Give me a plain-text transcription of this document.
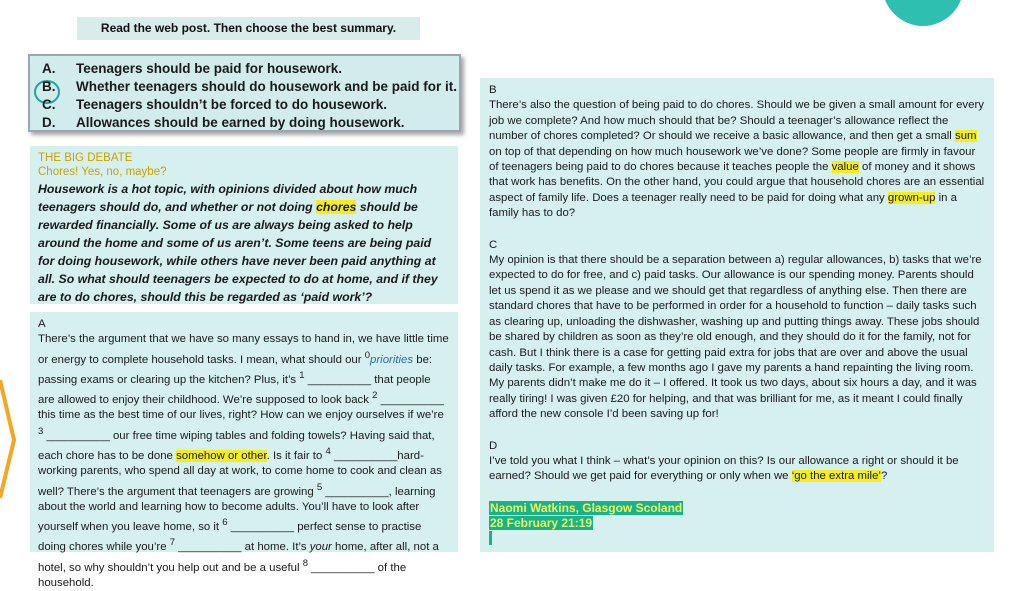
Read the web post. Then choose the best summary.
A. Teenagers should be paid for housework.
B. Whether teenagers should do housework and be paid for it.
C. Teenagers shouldn’t be forced to do housework.
D. Allowances should be earned by doing housework.
THE BIG DEBATE
Chores! Yes, no, maybe?
Housework is a hot topic, with opinions divided about how much teenagers should do, and whether or not doing chores should be rewarded financially. Some of us are always being asked to help around the home and some of us aren’t. Some teens are being paid for doing housework, while others have never been paid anything at all. So what should teenagers be expected to do at home, and if they are to do chores, should this be regarded as ‘paid work’?

A

There’s the argument that we have so many essays to hand in, we have little time or energy to complete household tasks. I mean, what should our $^0$priorities be: passing exams or clearing up the kitchen? Plus, it’s $^1$ __________ that people are allowed to enjoy their childhood. We’re supposed to look back $^2$ __________ this time as the best time of our lives, right? How can we enjoy ourselves if we’re $^3$ __________ our free time wiping tables and folding towels? Having said that, each chore has to be done somehow or other. Is it fair to $^4$ __________hard-working parents, who spend all day at work, to come home to cook and clean as well? There’s the argument that teenagers are growing $^5$ __________, learning about the world and learning how to become adults. You’ll have to look after yourself when you leave home, so it $^6$ __________ perfect sense to practise doing chores while you’re $^7$ __________ at home. It’s your home, after all, not a hotel, so why shouldn’t you help out and be a useful $^8$ __________ of the household.

B

There’s also the question of being paid to do chores. Should we be given a small amount for every job we complete? And how much should that be? Should a teenager’s allowance reflect the number of chores completed? Or should we receive a basic allowance, and then get a small sum on top of that depending on how much housework we’ve done? Some people are firmly in favour of teenagers being paid to do chores because it teaches people the value of money and it shows that work has benefits. On the other hand, you could argue that household chores are an essential aspect of family life. Does a teenager really need to be paid for doing what any grown-up in a family has to do?

C

My opinion is that there should be a separation between a) regular allowances, b) tasks that we’re expected to do for free, and c) paid tasks. Our allowance is our spending money. Parents should let us spend it as we please and we should get that regardless of anything else. Then there are standard chores that have to be performed in order for a household to function – daily tasks such as clearing up, unloading the dishwasher, washing up and putting things away. These jobs should be shared by children as soon as they’re old enough, and they should do it for the family, not for cash. But I think there is a case for getting paid extra for jobs that are over and above the usual daily tasks. For example, a few months ago I gave my parents a hand repainting the living room. My parents didn’t make me do it – I offered. It took us two days, about six hours a day, and it was really tiring! I was given £20 for helping, and that was brilliant for me, as it meant I could finally afford the new console I’d been saving up for!

D

I’ve told you what I think – what’s your opinion on this? Is our allowance a right or should it be earned? Should we get paid for everything or only when we ‘go the extra mile’?

Naomi Watkins, Glasgow Scoland
28 February 21:19
